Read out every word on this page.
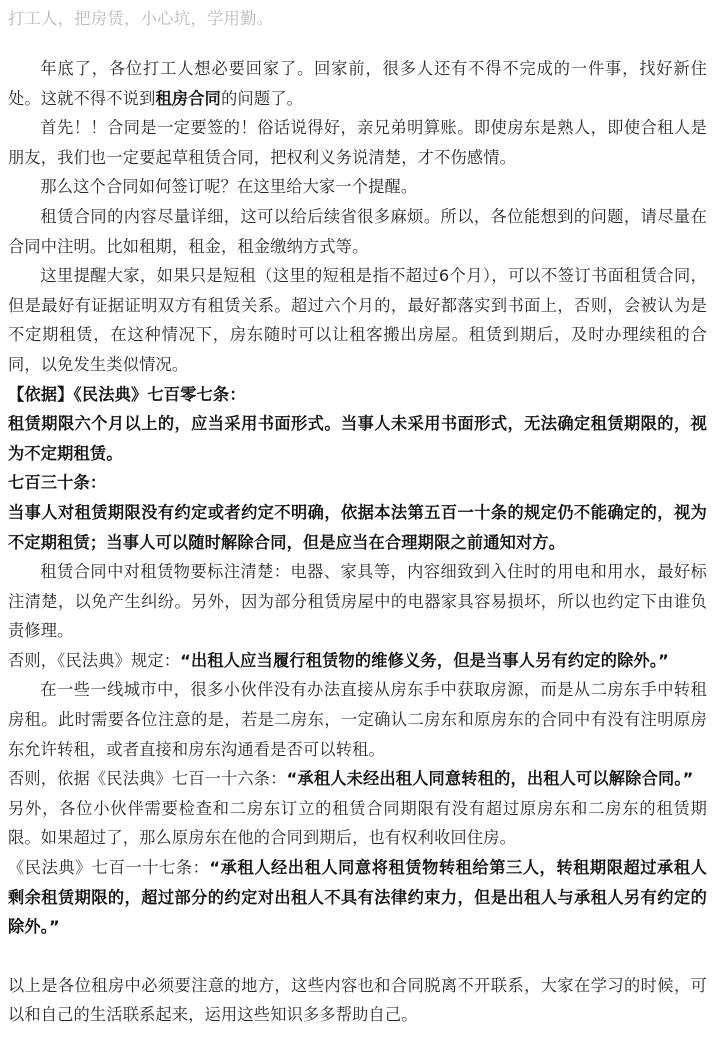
打工人，把房赁，小心坑，学用勤。

年底了，各位打工人想必要回家了。回家前，很多人还有不得不完成的一件事，找好新住处。这就不得不说到租房合同的问题了。

首先！！合同是一定要签的！俗话说得好，亲兄弟明算账。即使房东是熟人，即使合租人是朋友，我们也一定要起草租赁合同，把权利义务说清楚，才不伤感情。

那么这个合同如何签订呢？在这里给大家一个提醒。

租赁合同的内容尽量详细，这可以给后续省很多麻烦。所以，各位能想到的问题，请尽量在合同中注明。比如租期，租金，租金缴纳方式等。

这里提醒大家，如果只是短租（这里的短租是指不超过6个月），可以不签订书面租赁合同，但是最好有证据证明双方有租赁关系。超过六个月的，最好都落实到书面上，否则，会被认为是不定期租赁，在这种情况下，房东随时可以让租客搬出房屋。租赁到期后，及时办理续租的合同，以免发生类似情况。

【依据】《民法典》七百零七条：

租赁期限六个月以上的，应当采用书面形式。当事人未采用书面形式，无法确定租赁期限的，视为不定期租赁。

七百三十条：

当事人对租赁期限没有约定或者约定不明确，依据本法第五百一十条的规定仍不能确定的，视为不定期租赁；当事人可以随时解除合同，但是应当在合理期限之前通知对方。

租赁合同中对租赁物要标注清楚：电器、家具等，内容细致到入住时的用电和用水，最好标注清楚，以免产生纠纷。另外，因为部分租赁房屋中的电器家具容易损坏，所以也约定下由谁负责修理。

否则，《民法典》规定：“出租人应当履行租赁物的维修义务，但是当事人另有约定的除外。”

在一些一线城市中，很多小伙伴没有办法直接从房东手中获取房源，而是从二房东手中转租房租。此时需要各位注意的是，若是二房东，一定确认二房东和原房东的合同中有没有注明原房东允许转租，或者直接和房东沟通看是否可以转租。

否则，依据《民法典》七百一十六条：“承租人未经出租人同意转租的，出租人可以解除合同。”

另外，各位小伙伴需要检查和二房东订立的租赁合同期限有没有超过原房东和二房东的租赁期限。如果超过了，那么原房东在他的合同到期后，也有权利收回住房。

《民法典》七百一十七条：“承租人经出租人同意将租赁物转租给第三人，转租期限超过承租人剩余租赁期限的，超过部分的约定对出租人不具有法律约束力，但是出租人与承租人另有约定的除外。”

以上是各位租房中必须要注意的地方，这些内容也和合同脱离不开联系，大家在学习的时候，可以和自己的生活联系起来，运用这些知识多多帮助自己。
